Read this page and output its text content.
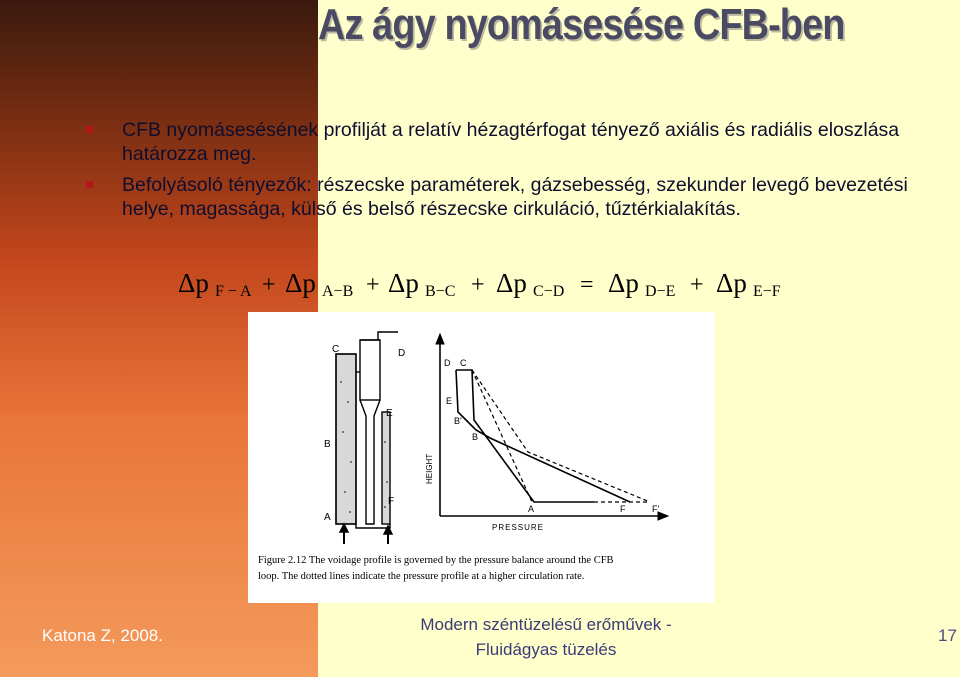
Az ágy nyomásesése CFB-ben
CFB nyomásesésének profilját a relatív hézagtérfogat tényező axiális és radiális eloszlása határozza meg.
Befolyásoló tényezők: részecske paraméterek, gázsebesség, szekunder levegő bevezetési helye, magassága, külső és belső részecske cirkuláció, tűztérkialakítás.
Δp F − A + Δp A−B + Δp B−C + Δp C−D = Δp D−E + Δp E−F
C	D
E
B
A
F
D C
E
B'
B
A	F'
F
HEIGHT
PRESSURE
Figure 2.12 The voidage profile is governed by the pressure balance around the CFB
loop. The dotted lines indicate the pressure profile at a higher circulation rate.
Katona Z, 2008.
Modern széntüzelésű erőművek -
Fluidágyas tüzelés
17
